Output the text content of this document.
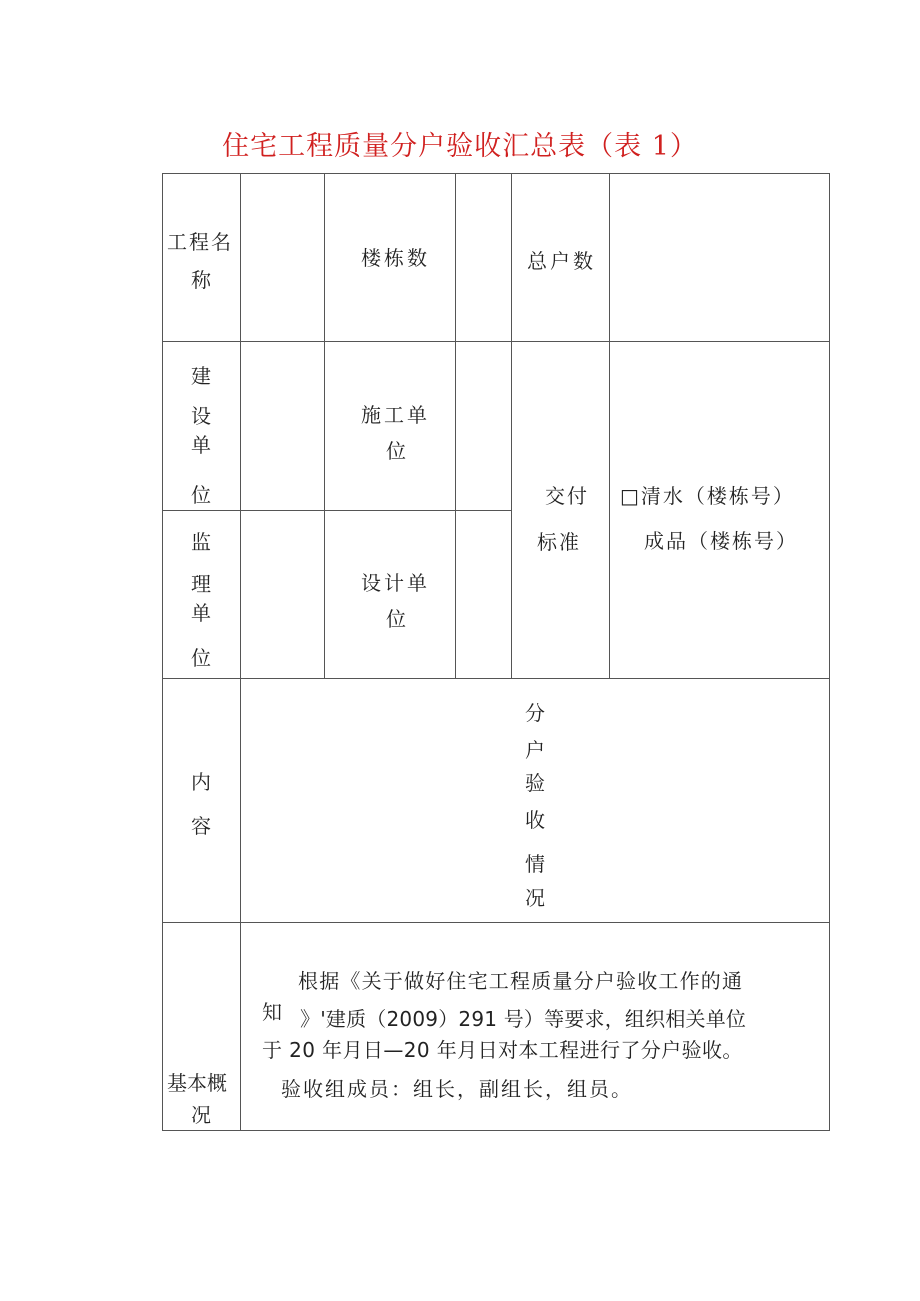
住宅工程质量分户验收汇总表（表 1）
工程名
称
楼栋数	总户数
建
设
单
位
施工单
位
交付
标准
□清水（楼栋号）
成品（楼栋号）
监
理
单
位
设计单
位
内
容
分
户
验
收
情
况
基本概
况
根据《关于做好住宅工程质量分户验收工作的通
知 》'建质（2009）291 号）等要求，组织相关单位
于 20 年月日—20 年月日对本工程进行了分户验收。
验收组成员：组长，副组长，组员。
